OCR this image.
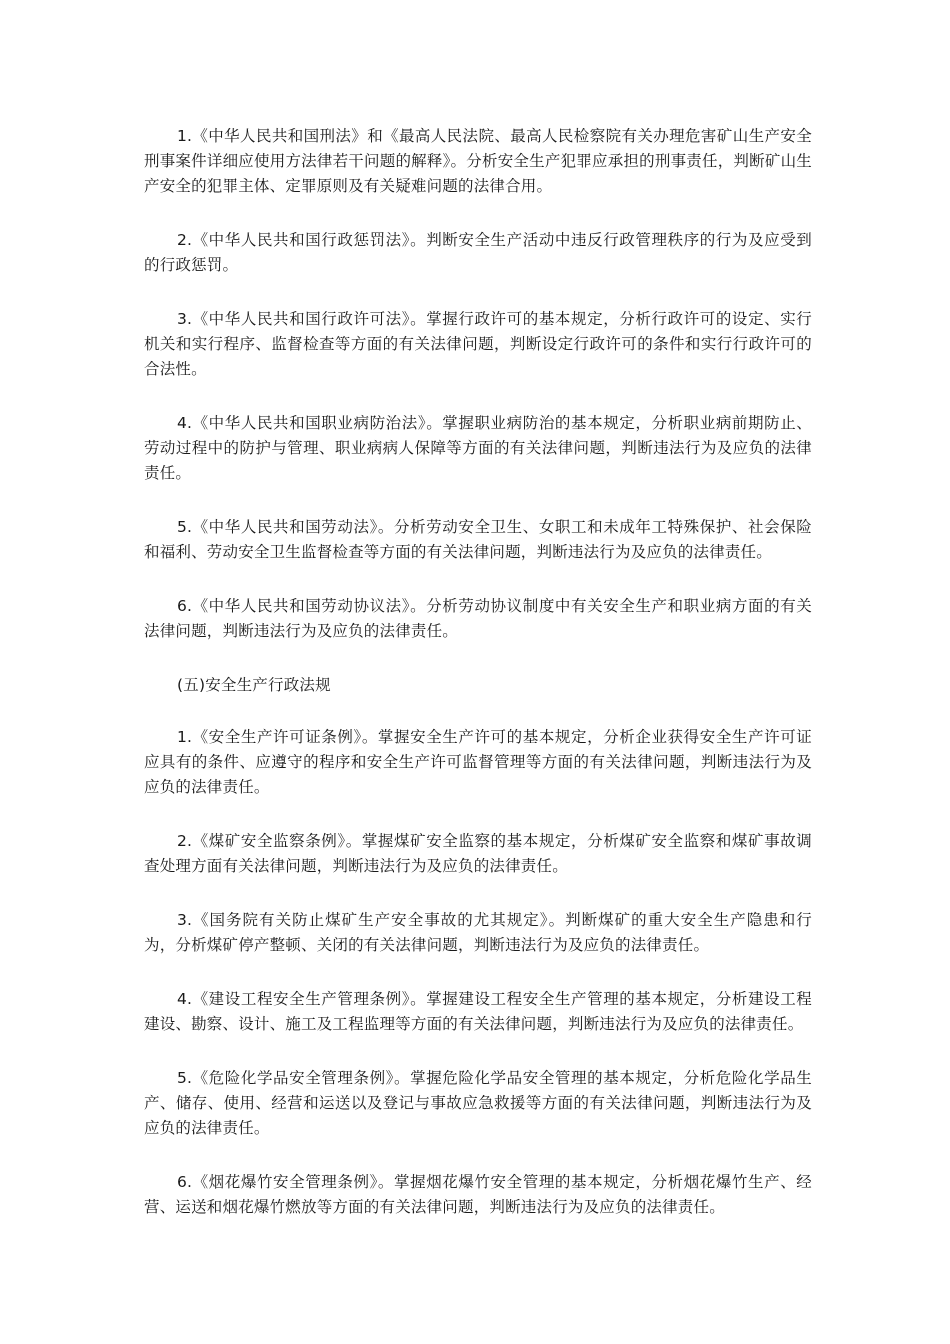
1.《中华人民共和国刑法》和《最高人民法院、最高人民检察院有关办理危害矿山生产安全刑事案件详细应使用方法律若干问题的解释》。分析安全生产犯罪应承担的刑事责任，判断矿山生产安全的犯罪主体、定罪原则及有关疑难问题的法律合用。

2.《中华人民共和国行政惩罚法》。判断安全生产活动中违反行政管理秩序的行为及应受到的行政惩罚。

3.《中华人民共和国行政许可法》。掌握行政许可的基本规定，分析行政许可的设定、实行机关和实行程序、监督检查等方面的有关法律问题，判断设定行政许可的条件和实行行政许可的合法性。

4.《中华人民共和国职业病防治法》。掌握职业病防治的基本规定，分析职业病前期防止、劳动过程中的防护与管理、职业病病人保障等方面的有关法律问题，判断违法行为及应负的法律责任。

5.《中华人民共和国劳动法》。分析劳动安全卫生、女职工和未成年工特殊保护、社会保险和福利、劳动安全卫生监督检查等方面的有关法律问题，判断违法行为及应负的法律责任。

6.《中华人民共和国劳动协议法》。分析劳动协议制度中有关安全生产和职业病方面的有关法律问题，判断违法行为及应负的法律责任。

(五)安全生产行政法规

1.《安全生产许可证条例》。掌握安全生产许可的基本规定，分析企业获得安全生产许可证应具有的条件、应遵守的程序和安全生产许可监督管理等方面的有关法律问题，判断违法行为及应负的法律责任。

2.《煤矿安全监察条例》。掌握煤矿安全监察的基本规定，分析煤矿安全监察和煤矿事故调查处理方面有关法律问题，判断违法行为及应负的法律责任。

3.《国务院有关防止煤矿生产安全事故的尤其规定》。判断煤矿的重大安全生产隐患和行为，分析煤矿停产整顿、关闭的有关法律问题，判断违法行为及应负的法律责任。

4.《建设工程安全生产管理条例》。掌握建设工程安全生产管理的基本规定，分析建设工程建设、勘察、设计、施工及工程监理等方面的有关法律问题，判断违法行为及应负的法律责任。

5.《危险化学品安全管理条例》。掌握危险化学品安全管理的基本规定，分析危险化学品生产、储存、使用、经营和运送以及登记与事故应急救援等方面的有关法律问题，判断违法行为及应负的法律责任。

6.《烟花爆竹安全管理条例》。掌握烟花爆竹安全管理的基本规定，分析烟花爆竹生产、经营、运送和烟花爆竹燃放等方面的有关法律问题，判断违法行为及应负的法律责任。
